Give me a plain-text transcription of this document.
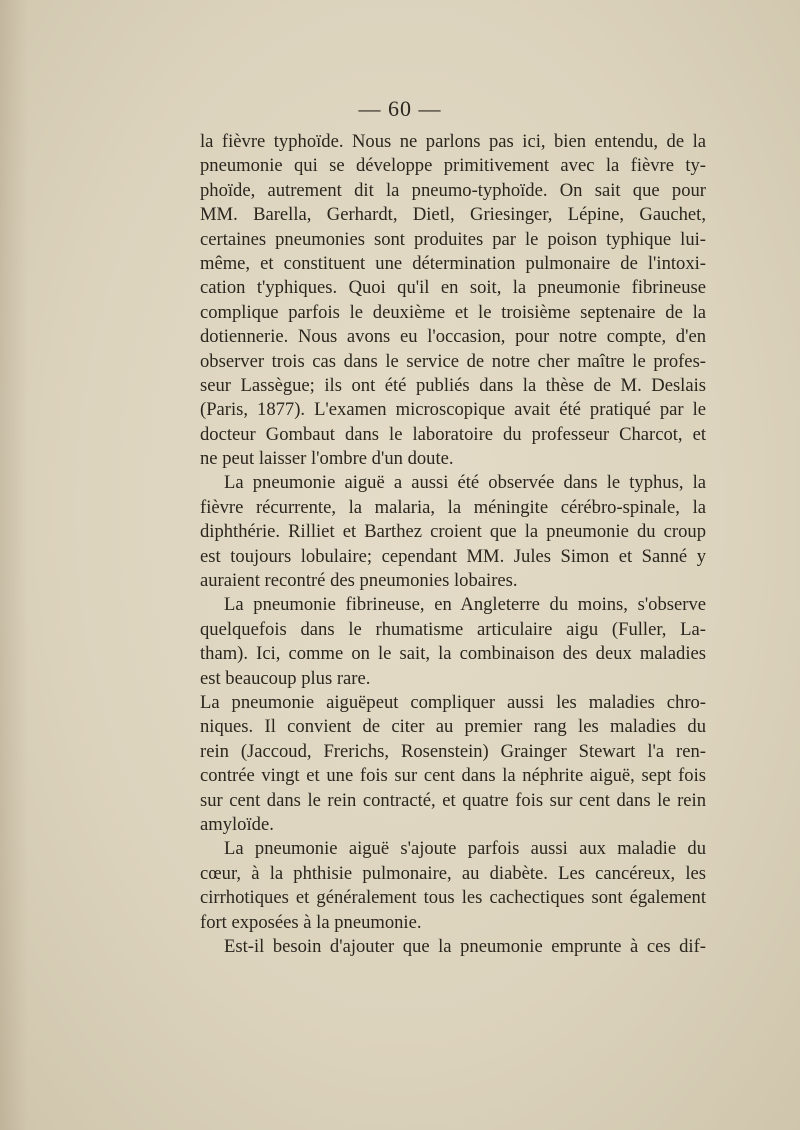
— 60 —
la fièvre typhoïde. Nous ne parlons pas ici, bien entendu, de la
pneumonie qui se développe primitivement avec la fièvre ty-
phoïde, autrement dit la pneumo-typhoïde. On sait que pour
MM. Barella, Gerhardt, Dietl, Griesinger, Lépine, Gauchet,
certaines pneumonies sont produites par le poison typhique lui-
même, et constituent une détermination pulmonaire de l'intoxi-
cation t'yphiques. Quoi qu'il en soit, la pneumonie fibrineuse
complique parfois le deuxième et le troisième septenaire de la
dotiennerie. Nous avons eu l'occasion, pour notre compte, d'en
observer trois cas dans le service de notre cher maître le profes-
seur Lassègue; ils ont été publiés dans la thèse de M. Deslais
(Paris, 1877). L'examen microscopique avait été pratiqué par le
docteur Gombaut dans le laboratoire du professeur Charcot, et
ne peut laisser l'ombre d'un doute.
La pneumonie aiguë a aussi été observée dans le typhus, la
fièvre récurrente, la malaria, la méningite cérébro-spinale, la
diphthérie. Rilliet et Barthez croient que la pneumonie du croup
est toujours lobulaire; cependant MM. Jules Simon et Sanné y
auraient recontré des pneumonies lobaires.
La pneumonie fibrineuse, en Angleterre du moins, s'observe
quelquefois dans le rhumatisme articulaire aigu (Fuller, La-
tham). Ici, comme on le sait, la combinaison des deux maladies
est beaucoup plus rare.
La pneumonie aiguëpeut compliquer aussi les maladies chro-
niques. Il convient de citer au premier rang les maladies du
rein (Jaccoud, Frerichs, Rosenstein) Grainger Stewart l'a ren-
contrée vingt et une fois sur cent dans la néphrite aiguë, sept fois
sur cent dans le rein contracté, et quatre fois sur cent dans le rein
amyloïde.
La pneumonie aiguë s'ajoute parfois aussi aux maladie du
cœur, à la phthisie pulmonaire, au diabète. Les cancéreux, les
cirrhotiques et généralement tous les cachectiques sont également
fort exposées à la pneumonie.
Est-il besoin d'ajouter que la pneumonie emprunte à ces dif-
